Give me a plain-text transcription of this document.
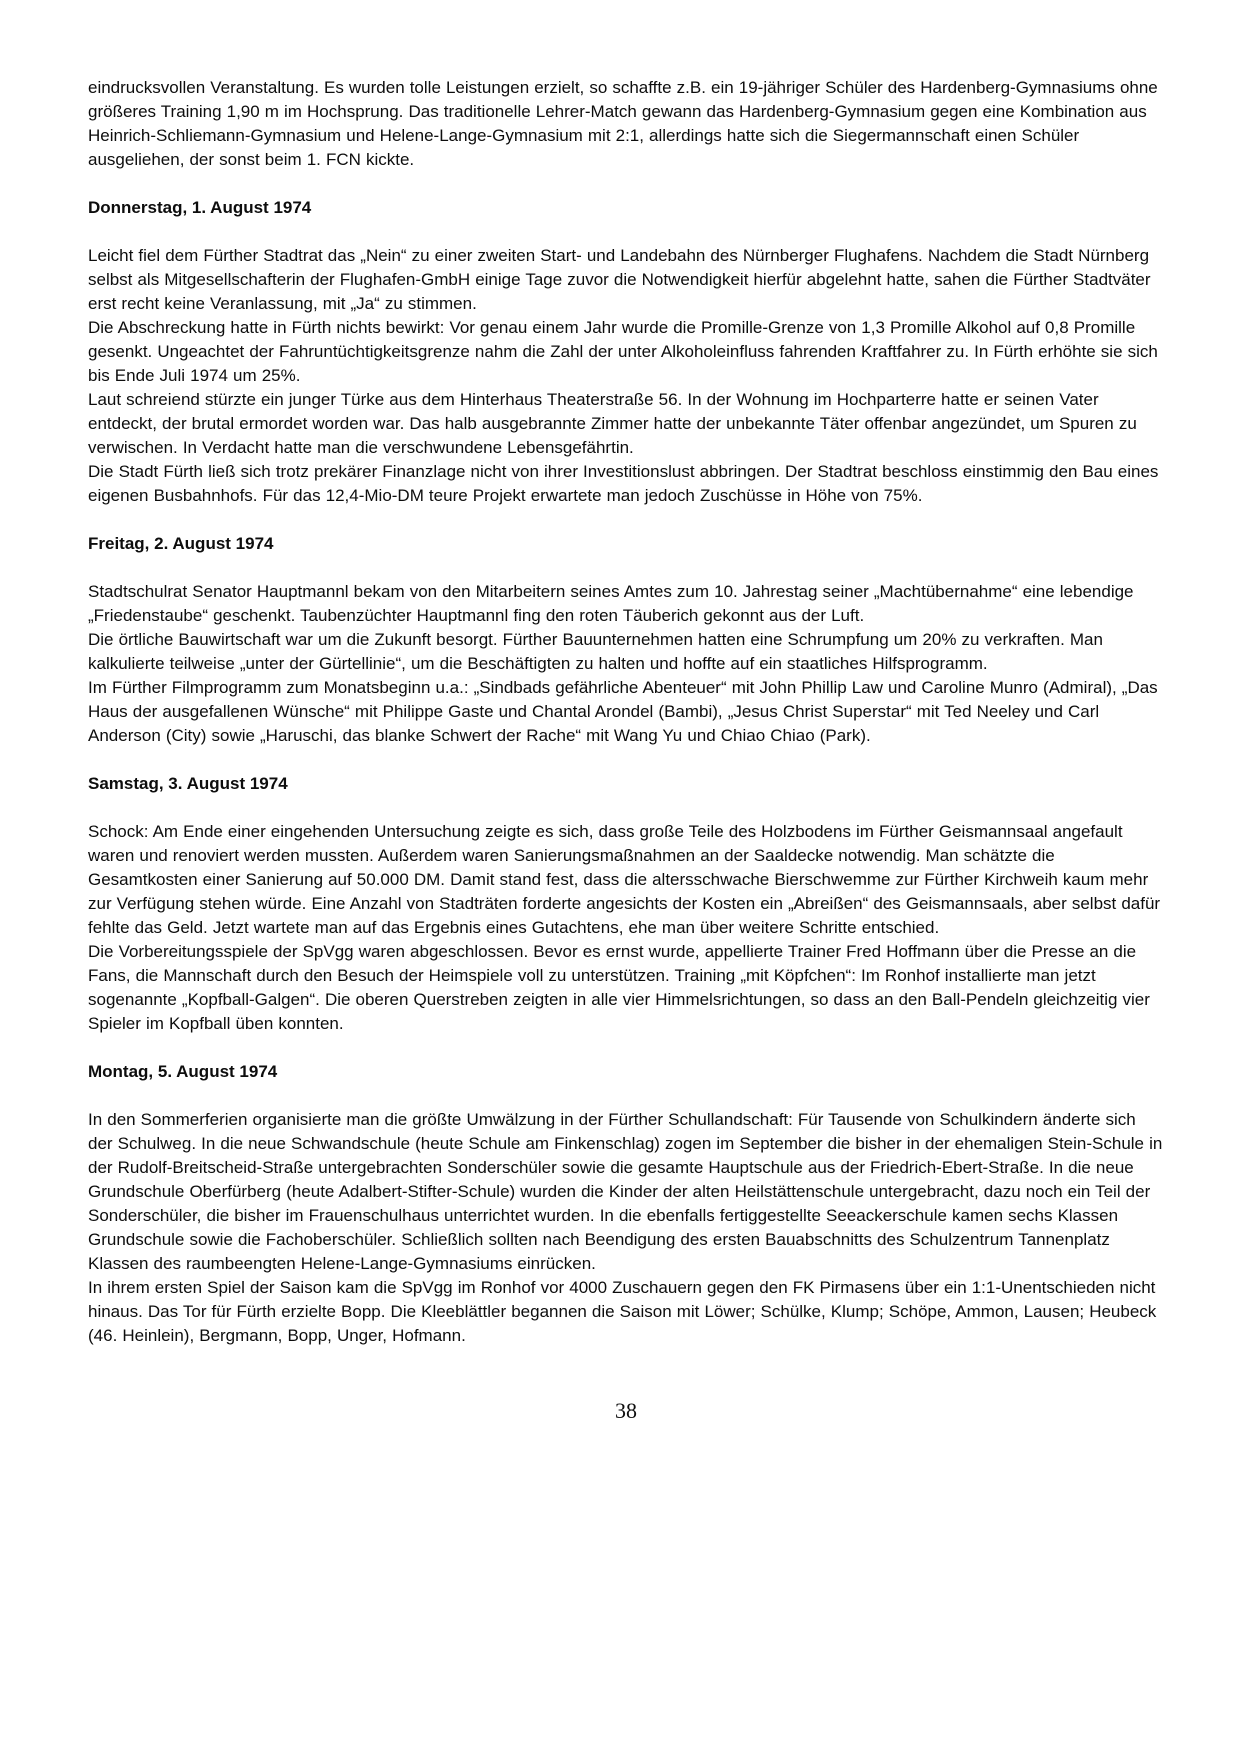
eindrucksvollen Veranstaltung. Es wurden tolle Leistungen erzielt, so schaffte z.B. ein 19-jähriger Schüler des Hardenberg-Gymnasiums ohne größeres Training 1,90 m im Hochsprung. Das traditionelle Lehrer-Match gewann das Hardenberg-Gymnasium gegen eine Kombination aus Heinrich-Schliemann-Gymnasium und Helene-Lange-Gymnasium mit 2:1, allerdings hatte sich die Siegermannschaft einen Schüler ausgeliehen, der sonst beim 1. FCN kickte.

Donnerstag, 1. August 1974

Leicht fiel dem Fürther Stadtrat das „Nein“ zu einer zweiten Start- und Landebahn des Nürnberger Flughafens. Nachdem die Stadt Nürnberg selbst als Mitgesellschafterin der Flughafen-GmbH einige Tage zuvor die Notwendigkeit hierfür abgelehnt hatte, sahen die Fürther Stadtväter erst recht keine Veranlassung, mit „Ja“ zu stimmen.

Die Abschreckung hatte in Fürth nichts bewirkt: Vor genau einem Jahr wurde die Promille-Grenze von 1,3 Promille Alkohol auf 0,8 Promille gesenkt. Ungeachtet der Fahruntüchtigkeitsgrenze nahm die Zahl der unter Alkoholeinfluss fahrenden Kraftfahrer zu. In Fürth erhöhte sie sich bis Ende Juli 1974 um 25%.

Laut schreiend stürzte ein junger Türke aus dem Hinterhaus Theaterstraße 56. In der Wohnung im Hochparterre hatte er seinen Vater entdeckt, der brutal ermordet worden war. Das halb ausgebrannte Zimmer hatte der unbekannte Täter offenbar angezündet, um Spuren zu verwischen. In Verdacht hatte man die verschwundene Lebensgefährtin.

Die Stadt Fürth ließ sich trotz prekärer Finanzlage nicht von ihrer Investitionslust abbringen. Der Stadtrat beschloss einstimmig den Bau eines eigenen Busbahnhofs. Für das 12,4-Mio-DM teure Projekt erwartete man jedoch Zuschüsse in Höhe von 75%.

Freitag, 2. August 1974

Stadtschulrat Senator Hauptmannl bekam von den Mitarbeitern seines Amtes zum 10. Jahrestag seiner „Machtübernahme“ eine lebendige „Friedenstaube“ geschenkt. Taubenzüchter Hauptmannl fing den roten Täuberich gekonnt aus der Luft.

Die örtliche Bauwirtschaft war um die Zukunft besorgt. Fürther Bauunternehmen hatten eine Schrumpfung um 20% zu verkraften. Man kalkulierte teilweise „unter der Gürtellinie“, um die Beschäftigten zu halten und hoffte auf ein staatliches Hilfsprogramm.

Im Fürther Filmprogramm zum Monatsbeginn u.a.: „Sindbads gefährliche Abenteuer“ mit John Phillip Law und Caroline Munro (Admiral), „Das Haus der ausgefallenen Wünsche“ mit Philippe Gaste und Chantal Arondel (Bambi), „Jesus Christ Superstar“ mit Ted Neeley und Carl Anderson (City) sowie „Haruschi, das blanke Schwert der Rache“ mit Wang Yu und Chiao Chiao (Park).

Samstag, 3. August 1974

Schock: Am Ende einer eingehenden Untersuchung zeigte es sich, dass große Teile des Holzbodens im Fürther Geismannsaal angefault waren und renoviert werden mussten. Außerdem waren Sanierungsmaßnahmen an der Saaldecke notwendig. Man schätzte die Gesamtkosten einer Sanierung auf 50.000 DM. Damit stand fest, dass die altersschwache Bierschwemme zur Fürther Kirchweih kaum mehr zur Verfügung stehen würde. Eine Anzahl von Stadträten forderte angesichts der Kosten ein „Abreißen“ des Geismannsaals, aber selbst dafür fehlte das Geld. Jetzt wartete man auf das Ergebnis eines Gutachtens, ehe man über weitere Schritte entschied.

Die Vorbereitungsspiele der SpVgg waren abgeschlossen. Bevor es ernst wurde, appellierte Trainer Fred Hoffmann über die Presse an die Fans, die Mannschaft durch den Besuch der Heimspiele voll zu unterstützen. Training „mit Köpfchen“: Im Ronhof installierte man jetzt sogenannte „Kopfball-Galgen“. Die oberen Querstreben zeigten in alle vier Himmelsrichtungen, so dass an den Ball-Pendeln gleichzeitig vier Spieler im Kopfball üben konnten.

Montag, 5. August 1974

In den Sommerferien organisierte man die größte Umwälzung in der Fürther Schullandschaft: Für Tausende von Schulkindern änderte sich der Schulweg. In die neue Schwandschule (heute Schule am Finkenschlag) zogen im September die bisher in der ehemaligen Stein-Schule in der Rudolf-Breitscheid-Straße untergebrachten Sonderschüler sowie die gesamte Hauptschule aus der Friedrich-Ebert-Straße. In die neue Grundschule Oberfürberg (heute Adalbert-Stifter-Schule) wurden die Kinder der alten Heilstättenschule untergebracht, dazu noch ein Teil der Sonderschüler, die bisher im Frauenschulhaus unterrichtet wurden. In die ebenfalls fertiggestellte Seeackerschule kamen sechs Klassen Grundschule sowie die Fachoberschüler. Schließlich sollten nach Beendigung des ersten Bauabschnitts des Schulzentrum Tannenplatz Klassen des raumbeengten Helene-Lange-Gymnasiums einrücken.

In ihrem ersten Spiel der Saison kam die SpVgg im Ronhof vor 4000 Zuschauern gegen den FK Pirmasens über ein 1:1-Unentschieden nicht hinaus. Das Tor für Fürth erzielte Bopp. Die Kleeblättler begannen die Saison mit Löwer; Schülke, Klump; Schöpe, Ammon, Lausen; Heubeck (46. Heinlein), Bergmann, Bopp, Unger, Hofmann.

38
